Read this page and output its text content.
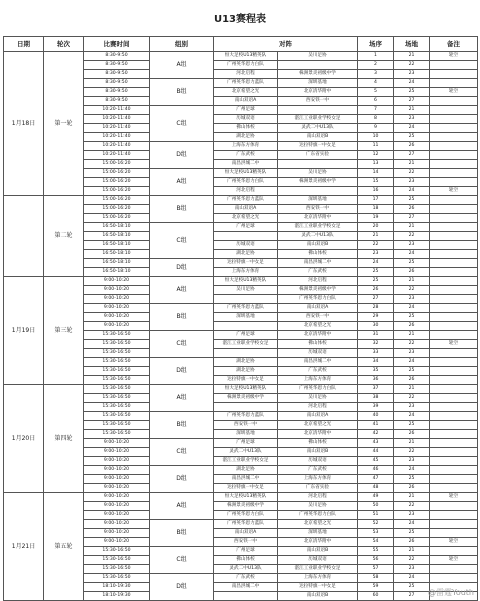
U13赛程表
日期	轮次	比赛时间	组别	对阵		场序	场地	备注
1月18日	第一轮	8:30-9:50	A组	恒大足校U13精英队	吴川足协	1	21	轮空
		8:30-9:50		广州英华恩力白队		2	22	
		8:30-9:50		河北启程	株洲景炎初级中学	3	23	
		8:30-9:50	B组	广州英华恩力蓝队	深圳基地	4	24	
		8:30-9:50		北京希望之光	北京清华附中	5	25	轮空
		8:30-9:50		南山双语A	西安铁一中	6	27	
		10:20-11:40	C组	广州足球		7	21	
		10:20-11:40		历城双语	湛江工业职业学校女足	8	23	
		10:20-11:40		佛山体校	灵武二中U13队	9	24	
		10:20-11:40		湖北足协	南山双语B	10	25	
		10:20-11:40	D组	上海东方体育	达拉特旗一中女足	11	26	
		10:20-11:40		广东武校	广东省实验	12	27	
		15:00-16:20		南昌洪城二中		13	21	
		15:00-16:20	A组	恒大足校U13精英队	吴川足协	14	22	
		15:00-16:20		广州英华恩力白队	株洲景炎初级中学	15	23	
		15:00-16:20		河北启程		16	24	轮空
	第二轮	15:00-16:20	B组	广州英华恩力蓝队	深圳基地	17	25	
		15:00-16:20		南山双语A	西安铁一中	18	26	
		15:00-16:20		北京希望之光	北京清华附中	19	27	
		16:50-18:10	C组	广州足球	湛江工业职业学校女足	20	21	
		16:50-18:10			灵武二中U13队	21	22	
		16:50-18:10		历城双语	南山双语B	22	23	
		16:50-18:10		湖北足协	佛山体校	23	24	
		16:50-18:10	D组	达拉特旗一中女足	南昌洪城二中	24	25	
		16:50-18:10		上海东方体育	广东武校	25	26	
1月19日	第三轮	9:00-10:20	A组	恒大足校U13精英队	河北启程	25	21	
		9:00-10:20		吴川足协	株洲景炎初级中学	26	22	
		9:00-10:20			广州英华恩力白队	27	23	
		9:00-10:20	B组	广州英华恩力蓝队	南山双语A	28	24	
		9:00-10:20		深圳基地	西安铁一中	29	25	
		9:00-10:20			北京希望之光	30	26	
		15:30-16:50	C组	广州足球	北京清华附中	31	21	
		15:30-16:50		湛江工业职业学校女足	佛山体校	32	22	轮空
		15:30-16:50			历城双语	33	23	
		15:30-16:50	D组	湖北足协	南昌洪城二中	34	24	
		15:30-16:50		湖北足协	广东武校	35	25	
		15:30-16:50		达拉特旗一中女足	上海东方体育	36	26	
1月20日	第四轮	15:30-16:50	A组	恒大足校U13精英队	广州英华恩力白队	37	21	
		15:30-16:50		株洲景炎初级中学	吴川足协	38	22	
		15:30-16:50			河北启程	39	23	
		15:30-16:50	B组	广州英华恩力蓝队	南山双语A	40	24	
		15:30-16:50		西安铁一中	北京希望之光	41	25	
		15:30-16:50		深圳基地	北京清华附中	42	26	
		9:00-10:20	C组	广州足球	佛山体校	43	21	
		9:00-10:20		灵武二中U13队	南山双语B	44	22	
		9:00-10:20		湛江工业职业学校女足	历城双语	45	23	
		9:00-10:20	D组	湖北足协	广东武校	46	24	
		9:00-10:20		南昌洪城二中	上海东方体育	47	25	
		9:00-10:20		达拉特旗一中女足	广东省实验	48	26	
1月21日	第五轮	9:00-10:20	A组	恒大足校U13精英队	河北启程	49	21	轮空
		9:00-10:20		株洲景炎初级中学	吴川足协	50	22	
		9:00-10:20		广州英华恩力白队	广州英华恩力白队	51	23	
		9:00-10:20	B组	广州英华恩力蓝队	北京希望之光	52	24	
		9:00-10:20		南山双语A	深圳基地	53	25	
		9:00-10:20		西安铁一中	北京清华附中	54	26	轮空
		15:30-16:50	C组	广州足球	南山双语B	55	21	
		15:30-16:50		佛山体校	历城双语	56	22	轮空
		15:30-16:50		灵武二中U13队	湛江工业职业学校女足	57	23	
		15:30-16:50	D组	广东武校	上海东方体育	58	24	
		18:10-19:30		南昌洪城二中	达拉特旗一中女足	59	25	
		18:10-19:30			南山双语B	60	27	@雷霆Youth
